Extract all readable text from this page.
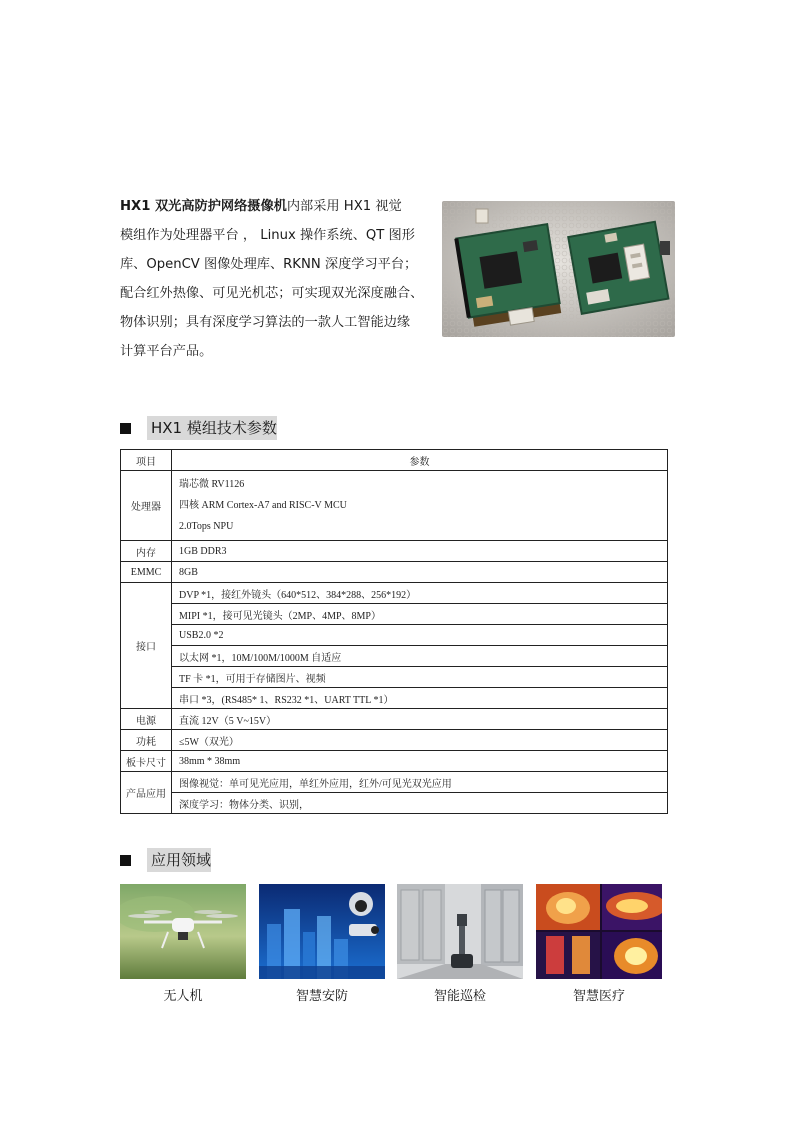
HX1 双光高防护网络摄像机内部采用 HX1 视觉
模组作为处理器平台 ， Linux 操作系统、QT 图形
库、OpenCV 图像处理库、RKNN 深度学习平台；
配合红外热像、可见光机芯；可实现双光深度融合、
物体识别；具有深度学习算法的一款人工智能边缘
计算平台产品。
HX1 模组技术参数
项目	参数
处理器	瑞芯微 RV1126
四核 ARM Cortex-A7 and RISC-V MCU
2.0Tops NPU
内存	1GB DDR3
EMMC	8GB
接口	DVP *1，接红外镜头（640*512、384*288、256*192）
	MIPI *1，接可见光镜头（2MP、4MP、8MP）
	USB2.0 *2
	以太网 *1，10M/100M/1000M 自适应
	TF 卡 *1，可用于存储图片、视频
	串口 *3，(RS485* 1、RS232 *1、UART TTL *1）
电源	直流 12V（5 V~15V）
功耗	≤5W（双光）
板卡尺寸	38mm * 38mm
产品应用	图像视觉：单可见光应用，单红外应用，红外/可见光双光应用
	深度学习：物体分类、识别，
应用领域
无人机	智慧安防	智能巡检	智慧医疗
